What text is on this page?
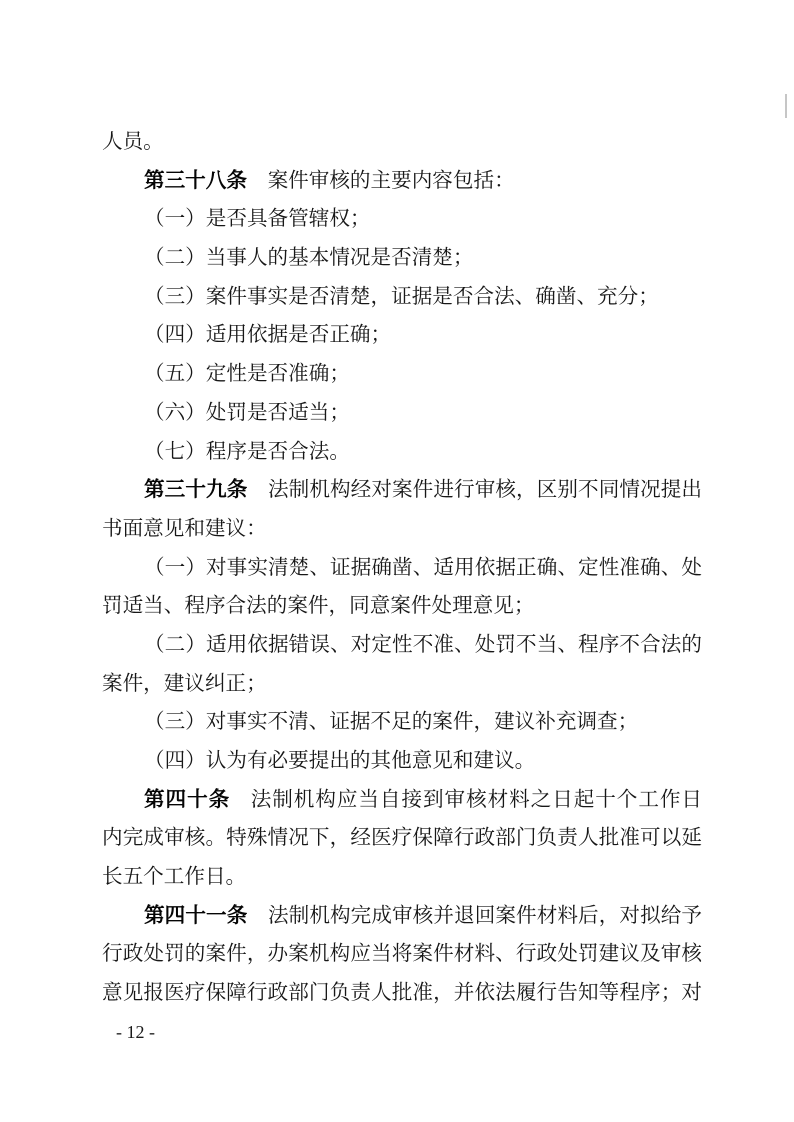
人员。
第三十八条 案件审核的主要内容包括：
（一）是否具备管辖权；
（二）当事人的基本情况是否清楚；
（三）案件事实是否清楚，证据是否合法、确凿、充分；
（四）适用依据是否正确；
（五）定性是否准确；
（六）处罚是否适当；
（七）程序是否合法。
第三十九条 法制机构经对案件进行审核，区别不同情况提出
书面意见和建议：
（一）对事实清楚、证据确凿、适用依据正确、定性准确、处
罚适当、程序合法的案件，同意案件处理意见；
（二）适用依据错误、对定性不准、处罚不当、程序不合法的
案件，建议纠正；
（三）对事实不清、证据不足的案件，建议补充调查；
（四）认为有必要提出的其他意见和建议。
第四十条 法制机构应当自接到审核材料之日起十个工作日
内完成审核。特殊情况下，经医疗保障行政部门负责人批准可以延
长五个工作日。
第四十一条 法制机构完成审核并退回案件材料后，对拟给予
行政处罚的案件，办案机构应当将案件材料、行政处罚建议及审核
意见报医疗保障行政部门负责人批准，并依法履行告知等程序；对
- 12 -
